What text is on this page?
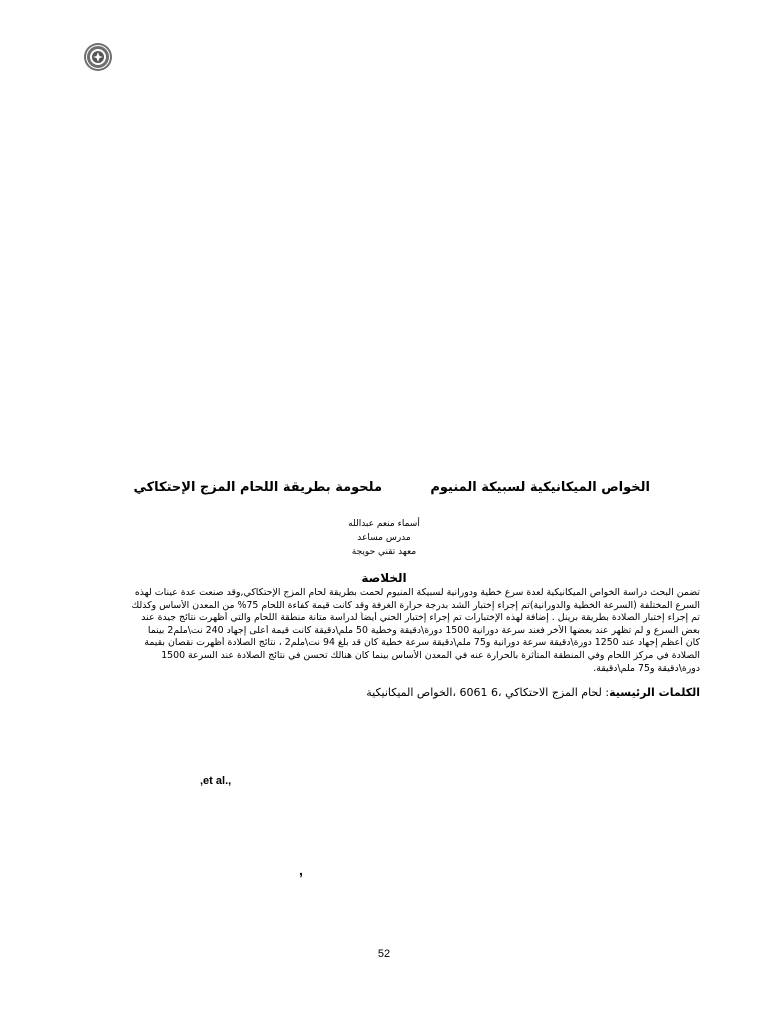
الخواص الميكانيكية لسبيكة المنيوم
ملحومة بطريقة اللحام المزج الإحتكاكي
أسماء منعم عبدالله
مدرس مساعد
معهد تقني حويجة
الخلاصة
تضمن البحث دراسة الخواص الميكانيكية لعدة سرع خطية ودورانية لسبيكة المنيوم لحمت بطريقة لحام المزج الإحتكاكي,وقد صنعت عدة عينات لهذه
السرع المختلفة (السرعة الخطية والدورانية)تم إجراء إختبار الشد بدرجة حرارة الغرفة وقد كانت قيمة كفاءة اللحام 75% من المعدن الأساس وكذلك
تم إجراء إختبار الصلادة بطريقة برينل . إضافة لهذه الإختبارات تم إجراء إختبار الحني أيضاً لدراسة متانة منطقة اللحام والتي أظهرت نتائج جيدة عند
بعض السرع و لم تظهر عند بعضها الأخر فعند سرعة دورانية 1500 دورة\دقيقة وخطية 50 ملم\دقيقة كانت قيمة أعلى إجهاد 240 نت\ملم2 بينما
كان أعظم إجهاد عند 1250 دورة\دقيقة سرعة دورانية و75 ملم\دقيقة سرعة خطية كان قد بلغ 94 نت\ملم2 ، نتائج الصلادة أظهرت نقصان بقيمة
الصلادة في مركز اللحام وفي المنطقة المتأثرة بالحرارة عنه في المعدن الأساس بينما كان هنالك تحسن في نتائج الصلادة عند السرعة 1500
دورة\دقيقة و75 ملم\دقيقة.
الكلمات الرئيسية: لحام المزج الاحتكاكي ،6 6061 ،الخواص الميكانيكية
,et al.,
,
52
